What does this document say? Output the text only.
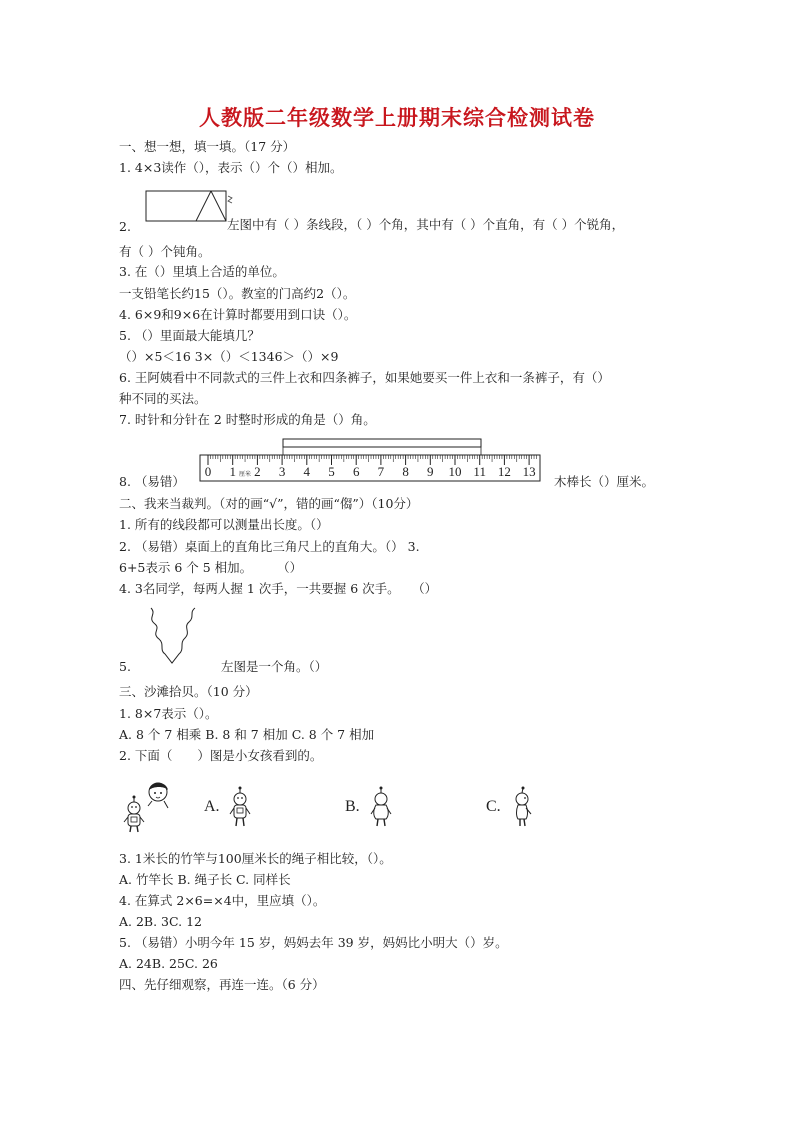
人教版二年级数学上册期末综合检测试卷
一、想一想，填一填。（17 分）
1. 4×3读作（），表示（）个（）相加。
2.	左图中有（ ）条线段，（ ）个角，其中有（ ）个直角，有（ ）个锐角，
有（ ）个钝角。
3. 在（）里填上合适的单位。
一支铅笔长约15（）。教室的门高约2（）。
4. 6×9和9×6在计算时都要用到口诀（）。
5. （）里面最大能填几？
（）×5＜16 3×（）＜1346＞（）×9
6. 王阿姨看中不同款式的三件上衣和四条裤子，如果她要买一件上衣和一条裤子，有（）
种不同的买法。
7. 时针和分针在 2 时整时形成的角是（）角。
0 1 2 3 4 5 6 7 8 9 10 11 12 13
厘米
8. （易错）	木棒长（）厘米。
二、我来当裁判。（对的画“√”，错的画“㑳”）（10分）
1. 所有的线段都可以测量出长度。（）
2. （易错）桌面上的直角比三角尺上的直角大。（） 3.
6+5表示 6 个 5 相加。　　　（）
4. 3名同学，每两人握 1 次手，一共要握 6 次手。　　（）
5.	左图是一个角。（）
三、沙滩拾贝。（10 分）
1. 8×7表示（）。
A. 8 个 7 相乘 B. 8 和 7 相加 C. 8 个 7 相加
2. 下面（　　）图是小女孩看到的。
A.	B.	C.
3. 1米长的竹竿与100厘米长的绳子相比较，（）。
A. 竹竿长 B. 绳子长 C. 同样长
4. 在算式 2×6=×4中，里应填（）。
A. 2B. 3C. 12
5. （易错）小明今年 15 岁，妈妈去年 39 岁，妈妈比小明大（）岁。
A. 24B. 25C. 26
四、先仔细观察，再连一连。（6 分）
